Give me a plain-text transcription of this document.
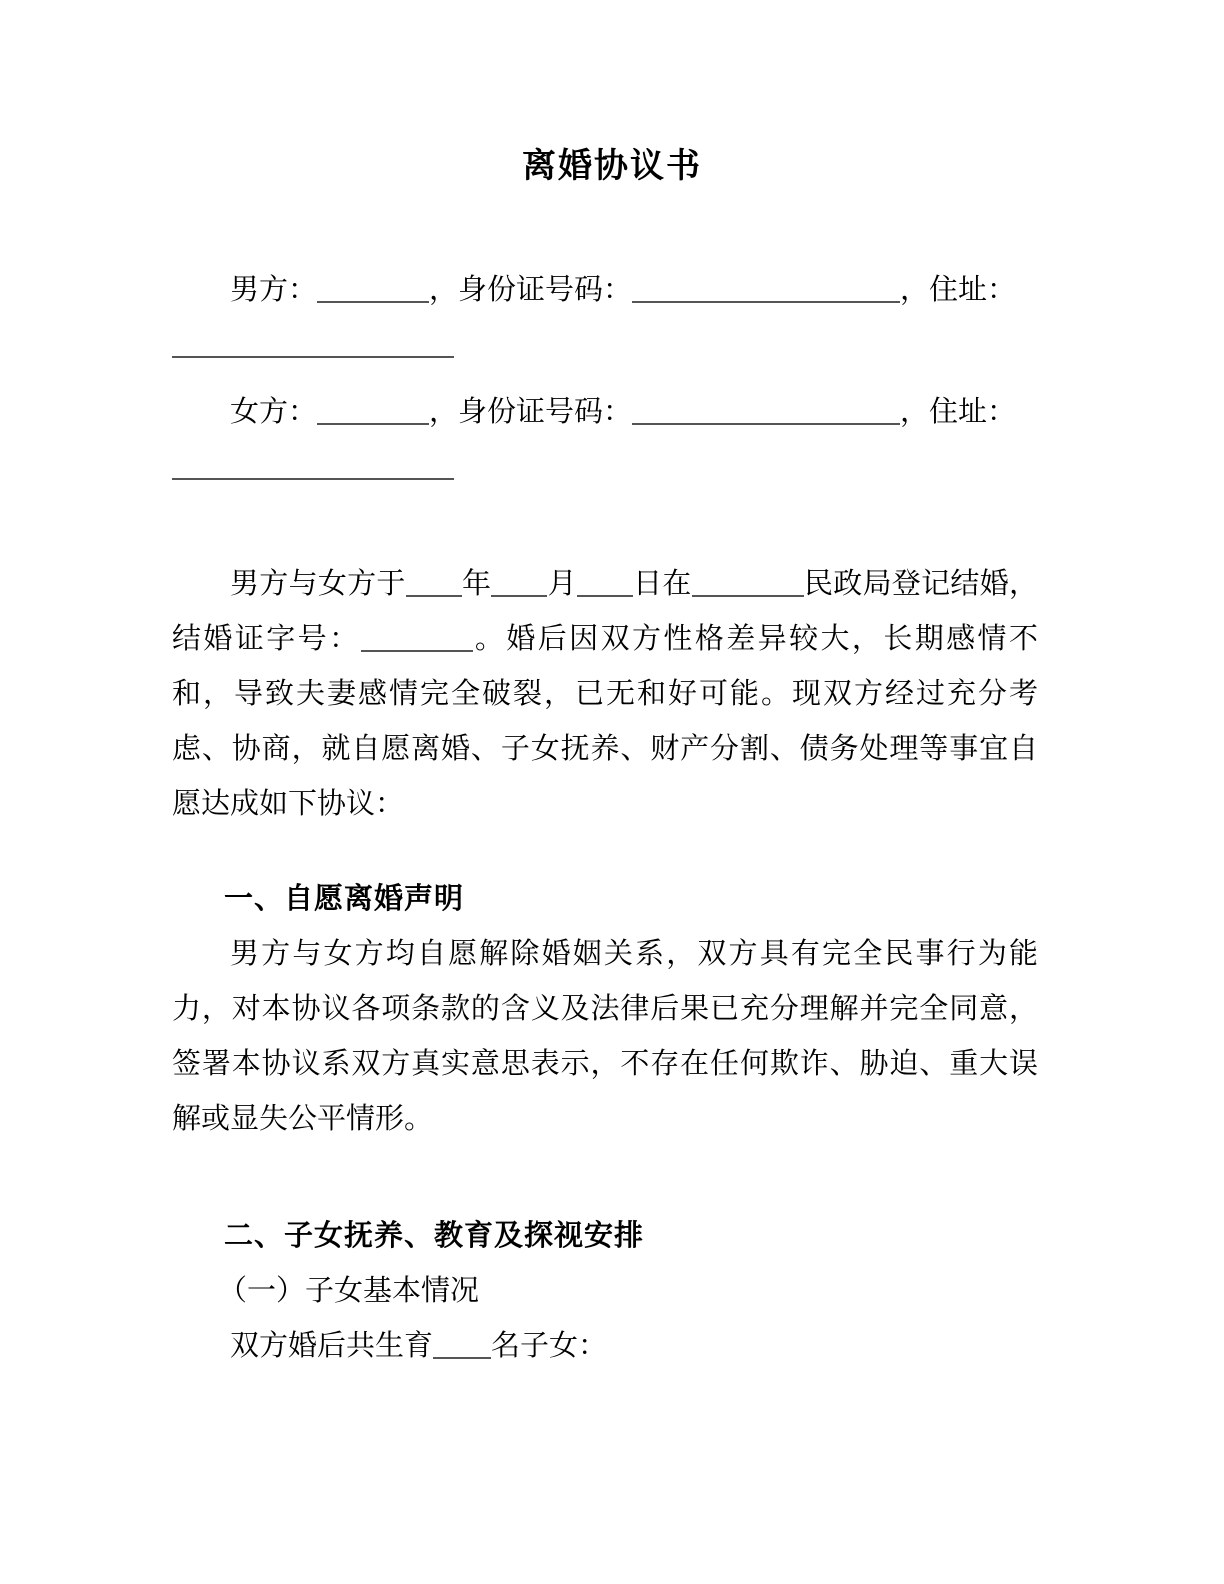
离婚协议书

男方：	，身份证号码：	，住址：

女方：	，身份证号码：	，住址：

男方与女方于 年 月 日在	民政局登记结婚，结婚证字号：	。婚后因双方性格差异较大，长期感情不和，导致夫妻感情完全破裂，已无和好可能。现双方经过充分考虑、协商，就自愿离婚、子女抚养、财产分割、债务处理等事宜自愿达成如下协议：

一、自愿离婚声明

男方与女方均自愿解除婚姻关系，双方具有完全民事行为能力，对本协议各项条款的含义及法律后果已充分理解并完全同意，签署本协议系双方真实意思表示，不存在任何欺诈、胁迫、重大误解或显失公平情形。

二、子女抚养、教育及探视安排

（一）子女基本情况

双方婚后共生育 名子女：
